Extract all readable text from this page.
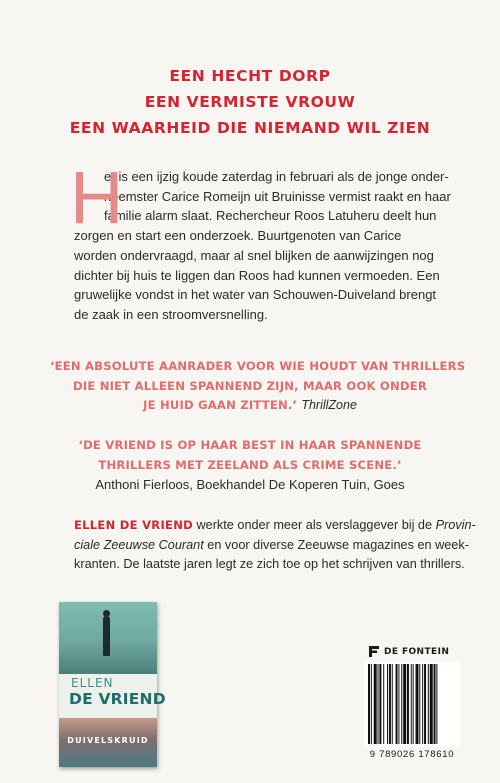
EEN HECHT DORP
EEN VERMISTE VROUW
EEN WAARHEID DIE NIEMAND WIL ZIEN
H

et is een ijzig koude zaterdag in februari als de jonge onder-
neemster Carice Romeijn uit Bruinisse vermist raakt en haar
familie alarm slaat. Rechercheur Roos Latuheru deelt hun
zorgen en start een onderzoek. Buurtgenoten van Carice
worden ondervraagd, maar al snel blijken de aanwijzingen nog
dichter bij huis te liggen dan Roos had kunnen vermoeden. Een
gruwelijke vondst in het water van Schouwen-Duiveland brengt
de zaak in een stroomversnelling.

‘EEN ABSOLUTE AANRADER VOOR WIE HOUDT VAN THRILLERS
DIE NIET ALLEEN SPANNEND ZIJN, MAAR OOK ONDER
JE HUID GAAN ZITTEN.’ ThrillZone
‘DE VRIEND IS OP HAAR BEST IN HAAR SPANNENDE
THRILLERS MET ZEELAND ALS CRIME SCENE.’
Anthoni Fierloos, Boekhandel De Koperen Tuin, Goes
ELLEN DE VRIEND werkte onder meer als verslaggever bij de Provin-
ciale Zeeuwse Courant en voor diverse Zeeuwse magazines en week-
kranten. De laatste jaren legt ze zich toe op het schrijven van thrillers.
ELLEN
DE VRIEND
DUIVELSKRUID
DE FONTEIN
9 789026 178610
